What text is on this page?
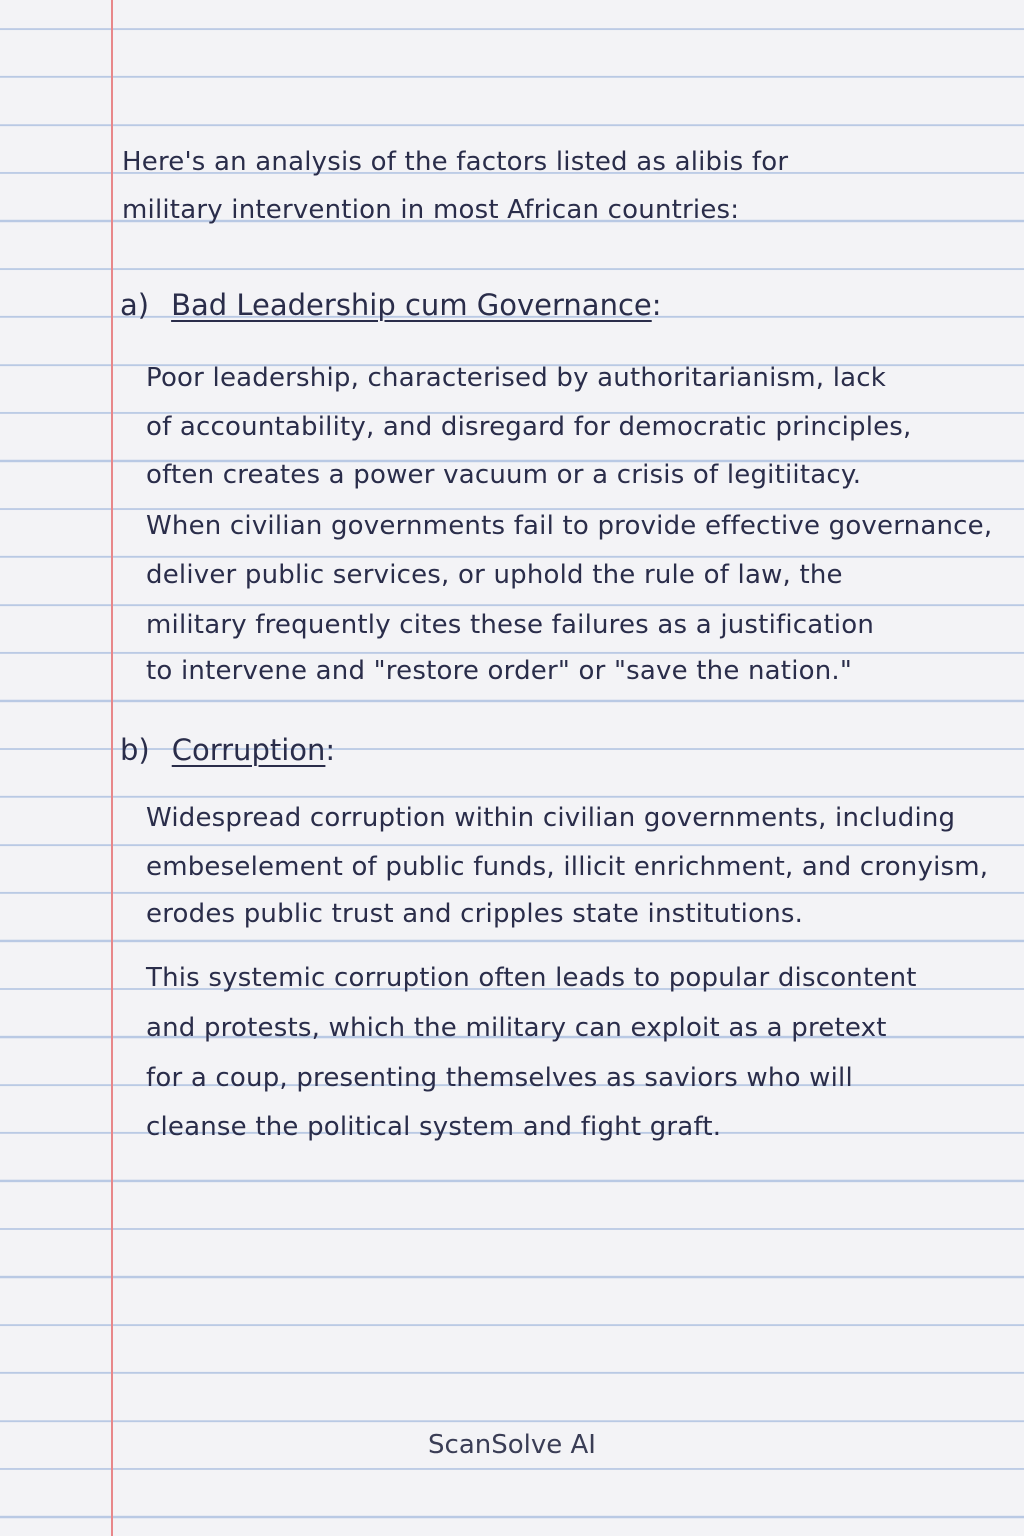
Here's an analysis of the factors listed as alibis for
military intervention in most African countries:
a) Bad Leadership cum Governance:
Poor leadership, characterised by authoritarianism, lack
of accountability, and disregard for democratic principles,
often creates a power vacuum or a crisis of legitiitacy.
When civilian governments fail to provide effective governance,
deliver public services, or uphold the rule of law, the
military frequently cites these failures as a justification
to intervene and "restore order" or "save the nation."
b) Corruption:
Widespread corruption within civilian governments, including
embeselement of public funds, illicit enrichment, and cronyism,
erodes public trust and cripples state institutions.
This systemic corruption often leads to popular discontent
and protests, which the military can exploit as a pretext
for a coup, presenting themselves as saviors who will
cleanse the political system and fight graft.
ScanSolve AI
